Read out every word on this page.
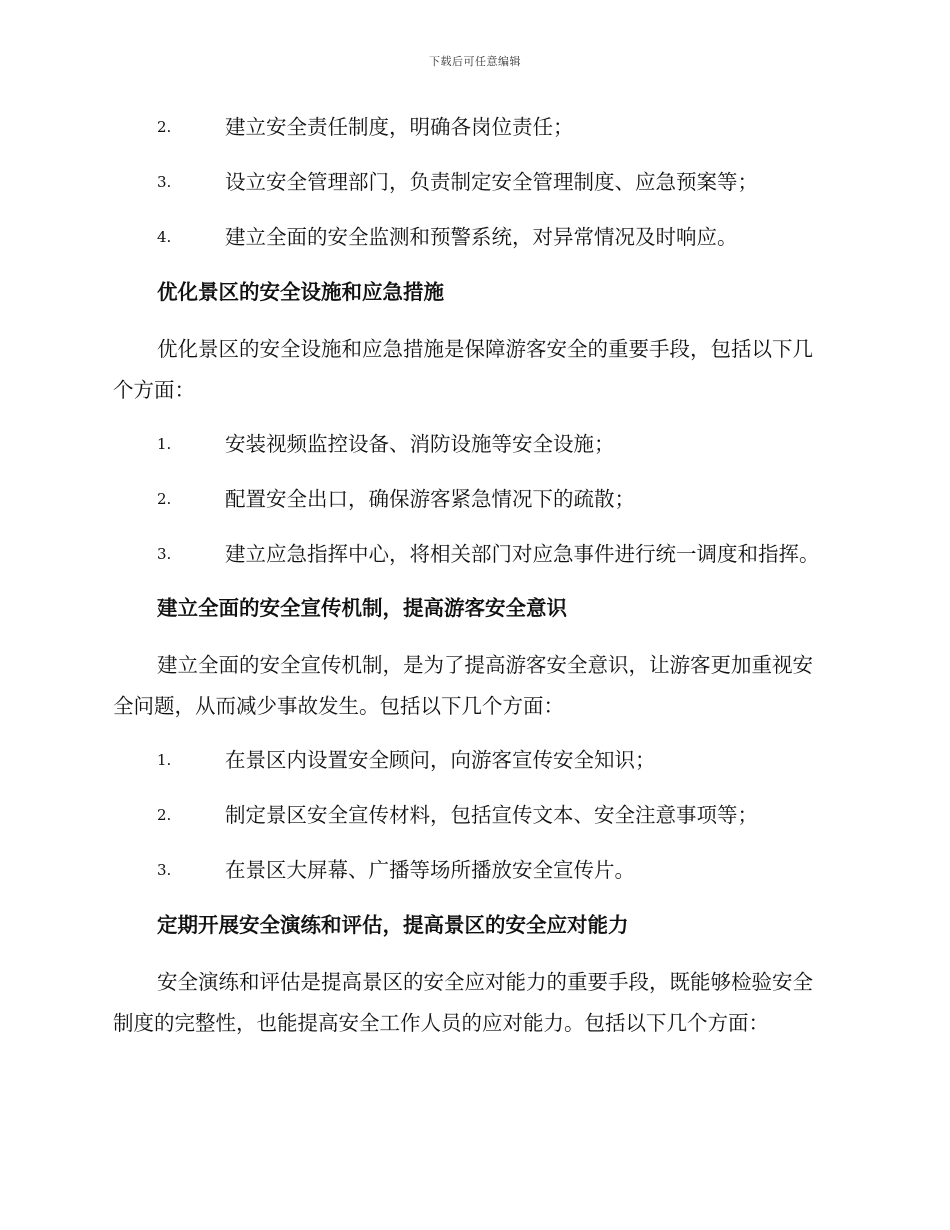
下载后可任意编辑
2.	建立安全责任制度，明确各岗位责任；
3.	设立安全管理部门，负责制定安全管理制度、应急预案等；
4.	建立全面的安全监测和预警系统，对异常情况及时响应。
优化景区的安全设施和应急措施
优化景区的安全设施和应急措施是保障游客安全的重要手段，包括以下几个方面：
1.	安装视频监控设备、消防设施等安全设施；
2.	配置安全出口，确保游客紧急情况下的疏散；
3.	建立应急指挥中心，将相关部门对应急事件进行统一调度和指挥。
建立全面的安全宣传机制，提高游客安全意识
建立全面的安全宣传机制，是为了提高游客安全意识，让游客更加重视安全问题，从而减少事故发生。包括以下几个方面：
1.	在景区内设置安全顾问，向游客宣传安全知识；
2.	制定景区安全宣传材料，包括宣传文本、安全注意事项等；
3.	在景区大屏幕、广播等场所播放安全宣传片。
定期开展安全演练和评估，提高景区的安全应对能力
安全演练和评估是提高景区的安全应对能力的重要手段，既能够检验安全制度的完整性，也能提高安全工作人员的应对能力。包括以下几个方面：
